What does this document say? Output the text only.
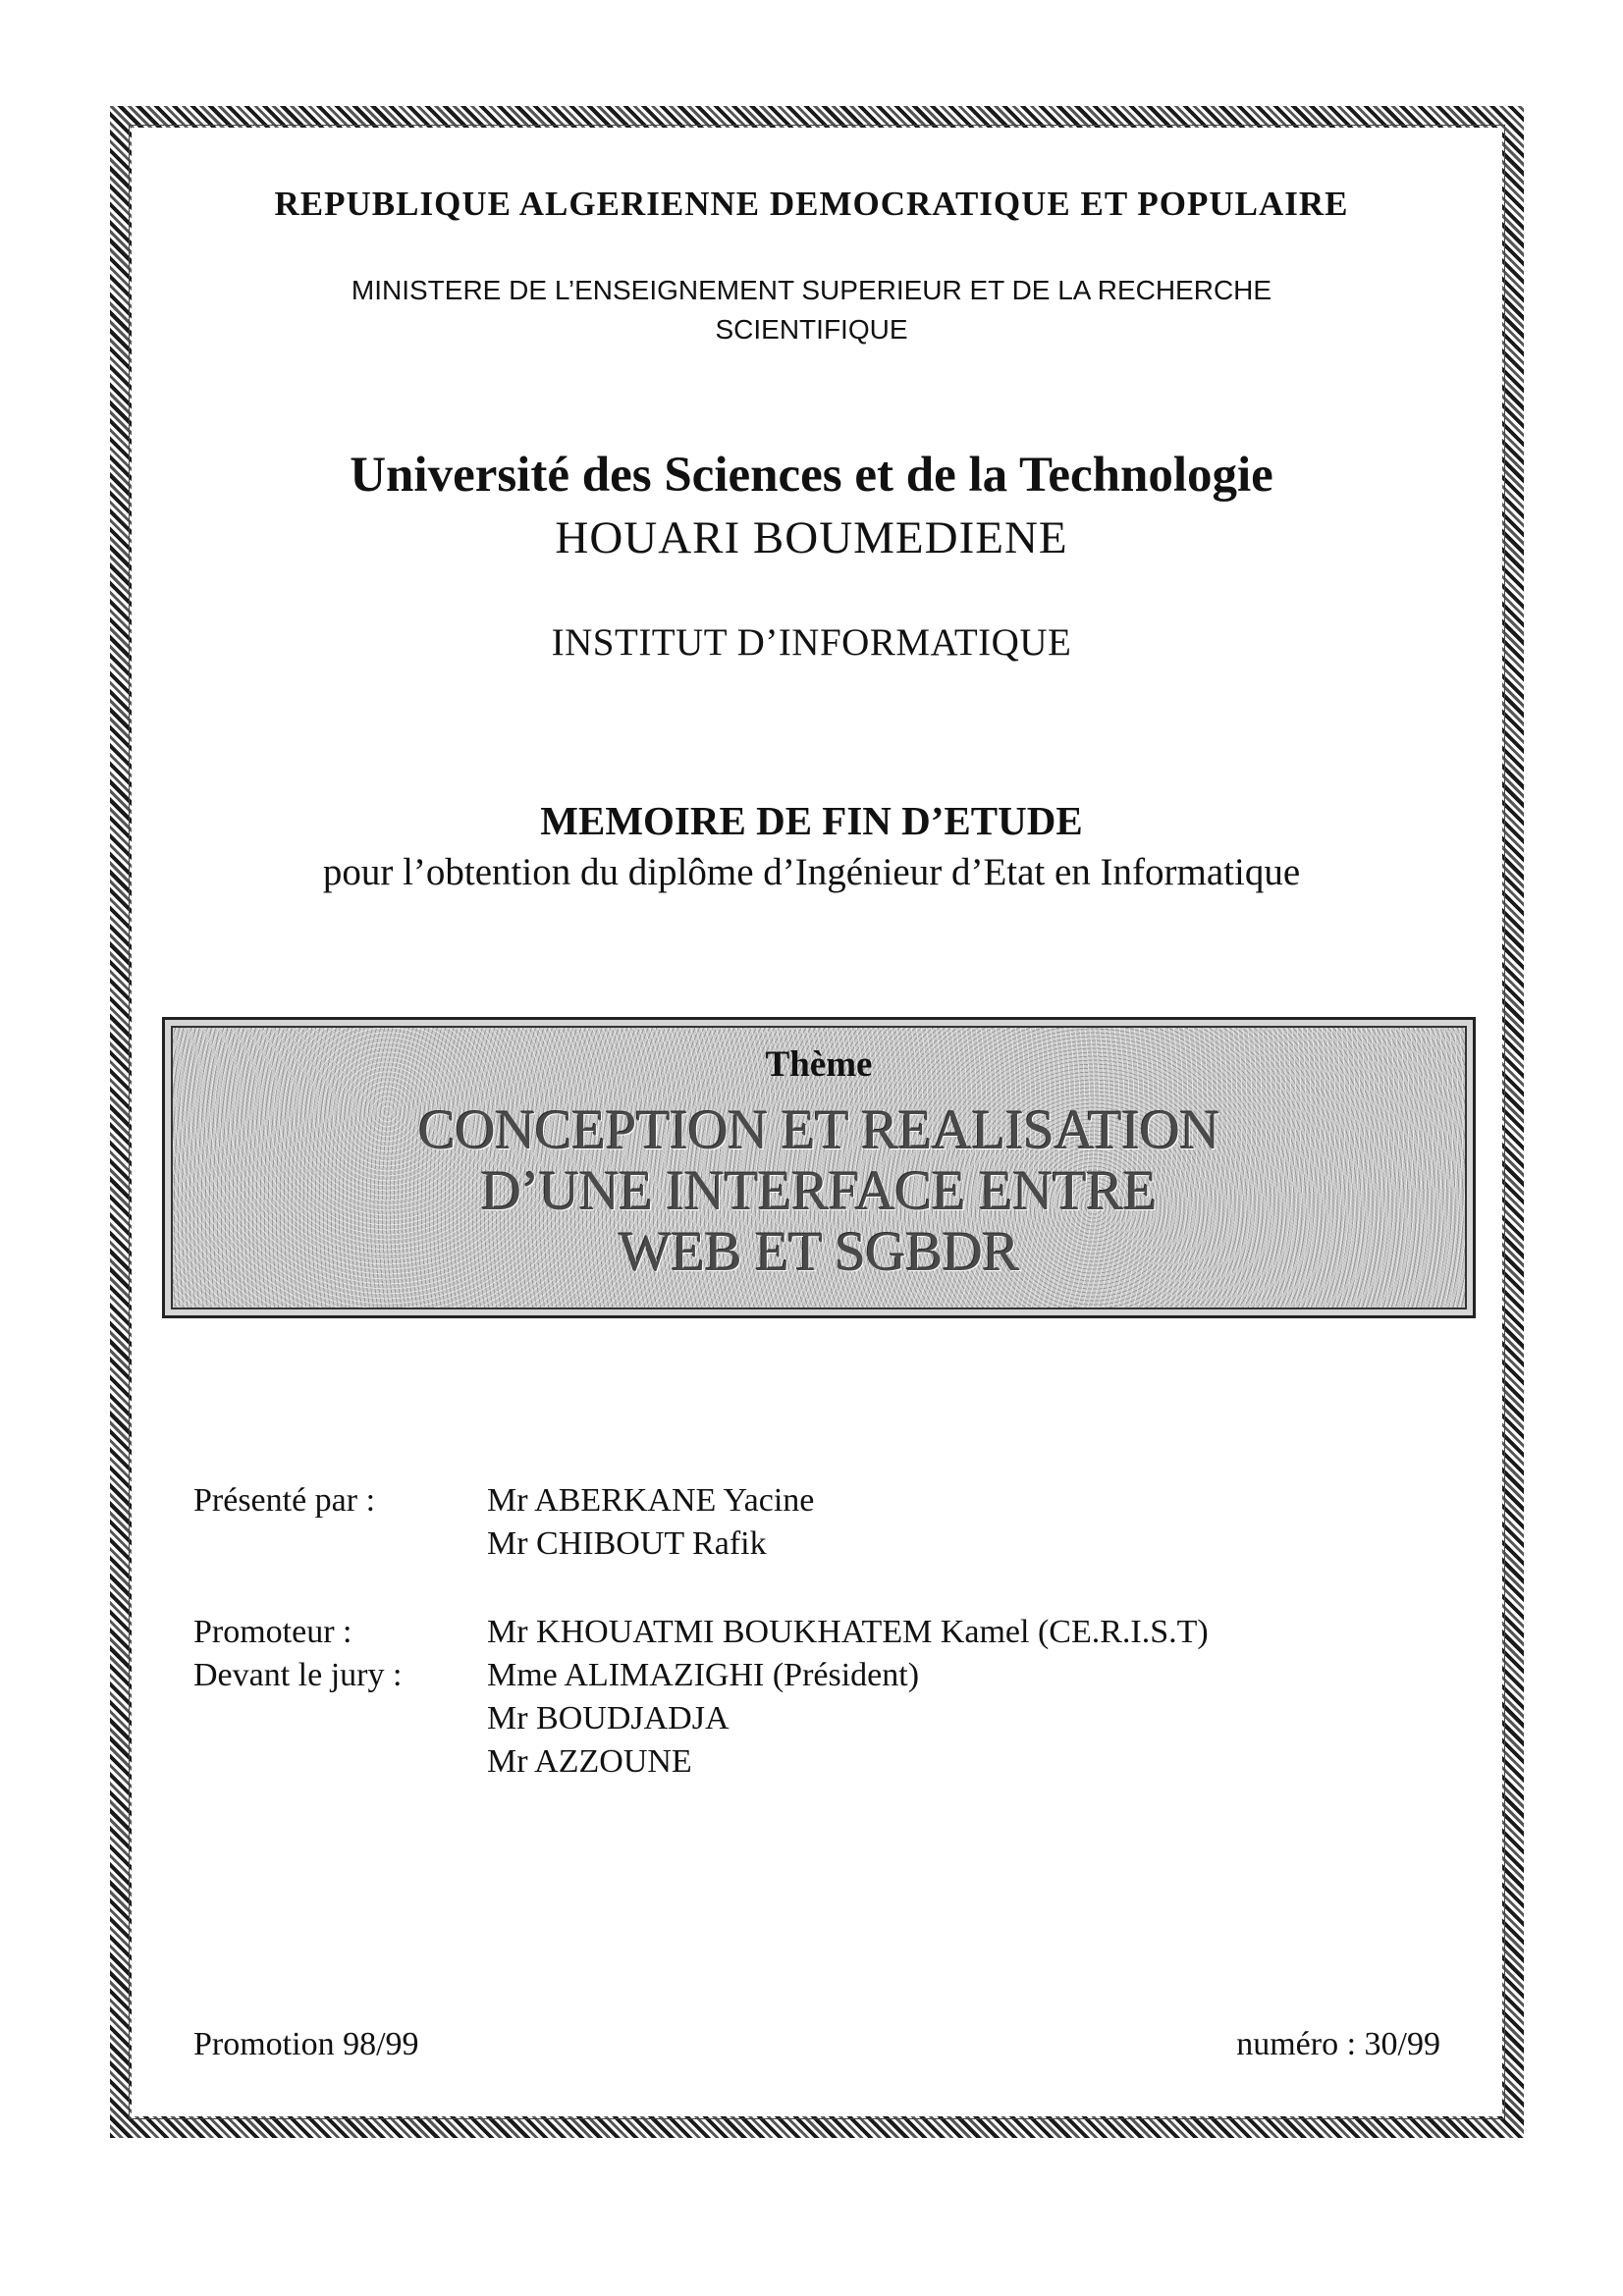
REPUBLIQUE ALGERIENNE DEMOCRATIQUE ET POPULAIRE
MINISTERE DE L’ENSEIGNEMENT SUPERIEUR ET DE LA RECHERCHE
SCIENTIFIQUE
Université des Sciences et de la Technologie
HOUARI BOUMEDIENE
INSTITUT D’INFORMATIQUE
MEMOIRE DE FIN D’ETUDE
pour l’obtention du diplôme d’Ingénieur d’Etat en Informatique
Thème
CONCEPTION ET REALISATION
D’UNE INTERFACE ENTRE
WEB ET SGBDR
Présenté par :	Mr ABERKANE Yacine
Mr CHIBOUT Rafik
Promoteur :	Mr KHOUATMI BOUKHATEM Kamel (CE.R.I.S.T)
Devant le jury :	Mme ALIMAZIGHI (Président)
Mr BOUDJADJA
Mr AZZOUNE
Promotion 98/99	numéro : 30/99
